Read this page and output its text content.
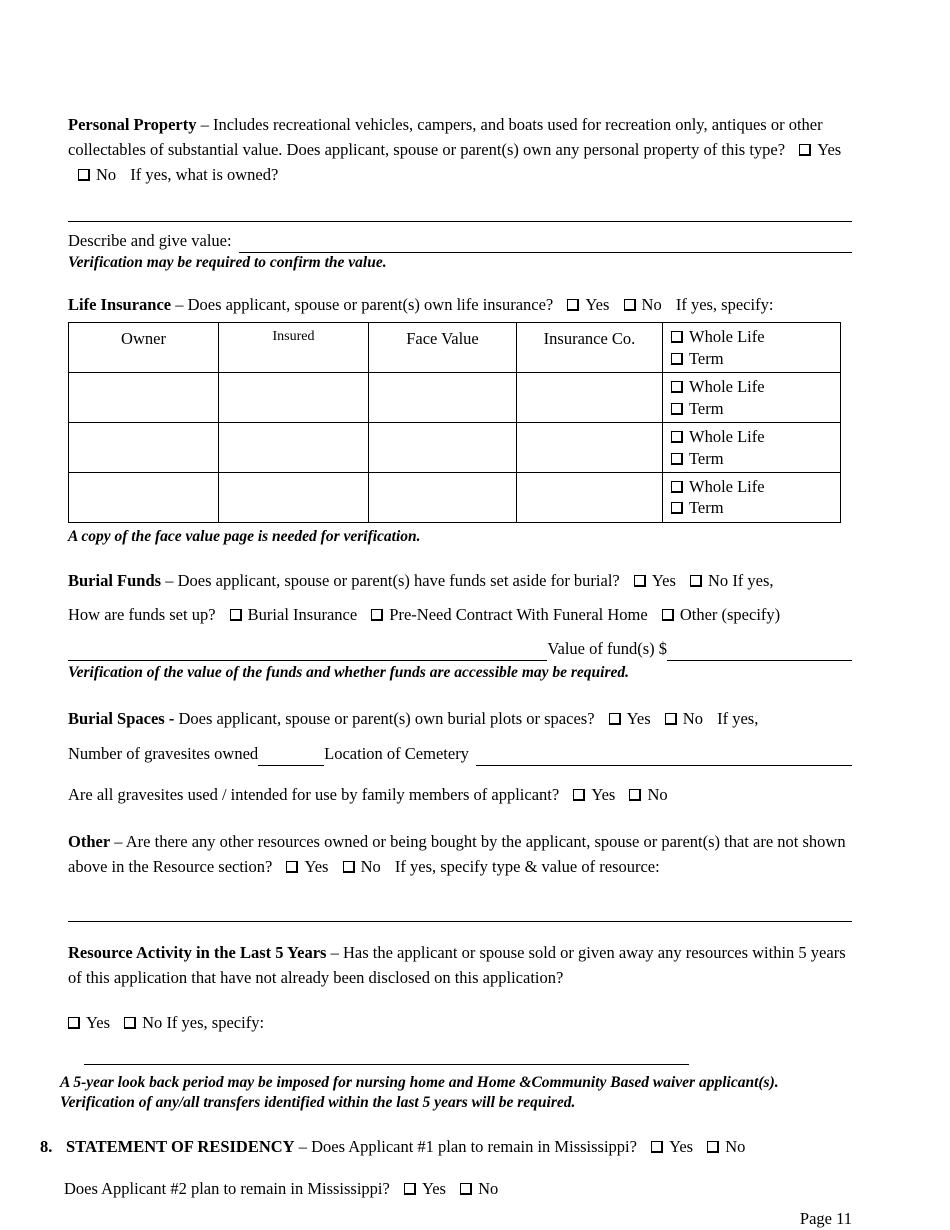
Personal Property – Includes recreational vehicles, campers, and boats used for recreation only, antiques or other collectables of substantial value. Does applicant, spouse or parent(s) own any personal property of this type? Yes No If yes, what is owned?

Describe and give value:

Verification may be required to confirm the value.

Life Insurance – Does applicant, spouse or parent(s) own life insurance? Yes No If yes, specify:

Owner	Insured	Face Value	Insurance Co.	Whole Life
Term

				Whole Life
Term

				Whole Life
Term

				Whole Life
Term

A copy of the face value page is needed for verification.

Burial Funds – Does applicant, spouse or parent(s) have funds set aside for burial? Yes No If yes,

How are funds set up? Burial Insurance Pre-Need Contract With Funeral Home Other (specify)

Value of fund(s) $

Verification of the value of the funds and whether funds are accessible may be required.

Burial Spaces - Does applicant, spouse or parent(s) own burial plots or spaces? Yes No If yes,

Number of gravesites owned	Location of Cemetery

Are all gravesites used / intended for use by family members of applicant? Yes No

Other – Are there any other resources owned or being bought by the applicant, spouse or parent(s) that are not shown above in the Resource section? Yes No If yes, specify type & value of resource:

Resource Activity in the Last 5 Years – Has the applicant or spouse sold or given away any resources within 5 years of this application that have not already been disclosed on this application?

Yes No If yes, specify:

A 5-year look back period may be imposed for nursing home and Home &Community Based waiver applicant(s). Verification of any/all transfers identified within the last 5 years will be required.

8. STATEMENT OF RESIDENCY – Does Applicant #1 plan to remain in Mississippi? Yes No

Does Applicant #2 plan to remain in Mississippi? Yes No

Page 11
